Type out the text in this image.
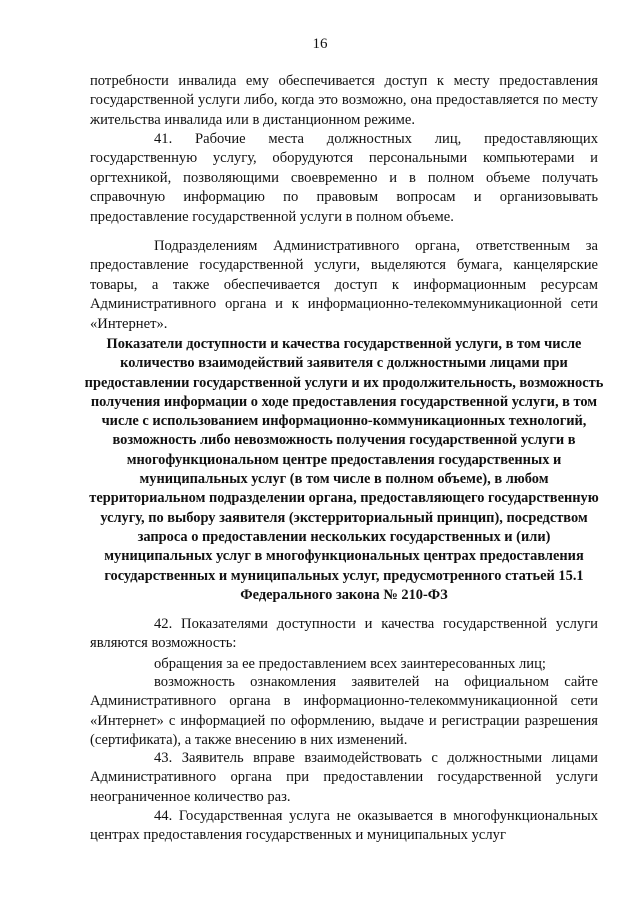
16

потребности инвалида ему обеспечивается доступ к месту предоставления государственной услуги либо, когда это возможно, она предоставляется по месту жительства инвалида или в дистанционном режиме.

41. Рабочие места должностных лиц, предоставляющих государственную услугу, оборудуются персональными компьютерами и оргтехникой, позволяющими своевременно и в полном объеме получать справочную информацию по правовым вопросам и организовывать предоставление государственной услуги в полном объеме.

Подразделениям Административного органа, ответственным за предоставление государственной услуги, выделяются бумага, канцелярские товары, а также обеспечивается доступ к информационным ресурсам Административного органа и к информационно-телекоммуникационной сети «Интернет».

Показатели доступности и качества государственной услуги, в том числе количество взаимодействий заявителя с должностными лицами при предоставлении государственной услуги и их продолжительность, возможность получения информации о ходе предоставления государственной услуги, в том числе с использованием информационно-коммуникационных технологий, возможность либо невозможность получения государственной услуги в многофункциональном центре предоставления государственных и муниципальных услуг (в том числе в полном объеме), в любом территориальном подразделении органа, предоставляющего государственную услугу, по выбору заявителя (экстерриториальный принцип), посредством запроса о предоставлении нескольких государственных и (или) муниципальных услуг в многофункциональных центрах предоставления государственных и муниципальных услуг, предусмотренного статьей 15.1 Федерального закона № 210-ФЗ

42. Показателями доступности и качества государственной услуги являются возможность:

обращения за ее предоставлением всех заинтересованных лиц;

возможность ознакомления заявителей на официальном сайте Административного органа в информационно-телекоммуникационной сети «Интернет» с информацией по оформлению, выдаче и регистрации разрешения (сертификата), а также внесению в них изменений.

43. Заявитель вправе взаимодействовать с должностными лицами Административного органа при предоставлении государственной услуги неограниченное количество раз.

44. Государственная услуга не оказывается в многофункциональных центрах предоставления государственных и муниципальных услуг
